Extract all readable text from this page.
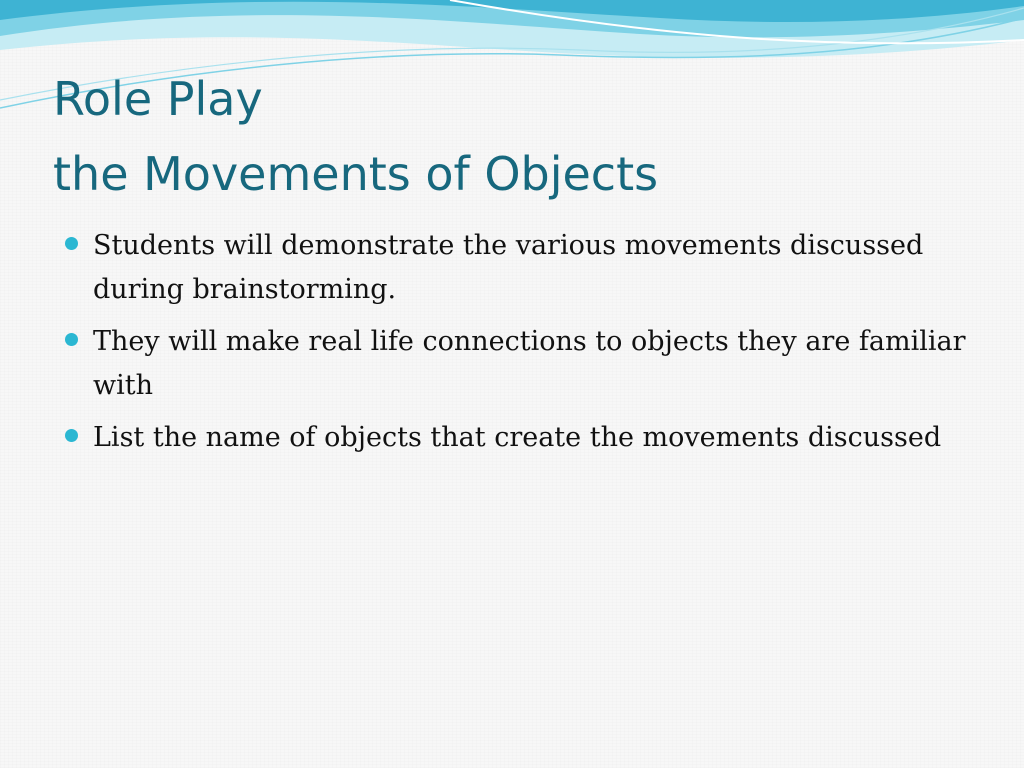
Role Play
the Movements of Objects
Students will demonstrate the various movements discussed during brainstorming.
They will make real life connections to objects they are familiar with
List the name of objects that create the movements discussed
